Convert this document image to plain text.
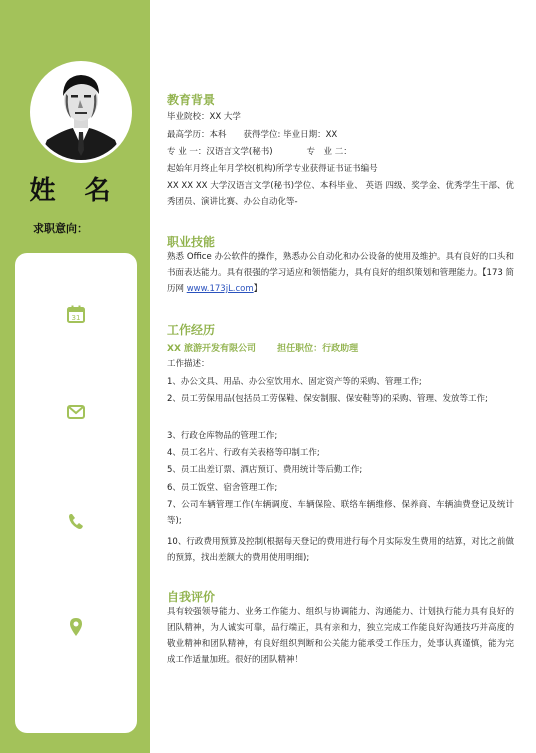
姓 名
求职意向：
31
教育背景
毕业院校：XX 大学
最高学历：本科　　获得学位: 毕业日期：XX
专 业 一：汉语言文学(秘书)　　　　专　业 二：
起始年月终止年月学校(机构)所学专业获得证书证书编号
XX XX XX 大学汉语言文学(秘书)学位、本科毕业、 英语 四级、奖学金、优秀学生干部、优秀团员、演讲比赛、办公自动化等-
职业技能
熟悉 Office 办公软件的操作，熟悉办公自动化和办公设备的使用及维护。具有良好的口头和书面表达能力。具有很强的学习适应和领悟能力，具有良好的组织策划和管理能力。【173 简历网 www.173jL.com】
工作经历
XX 旅游开发有限公司 担任职位：行政助理
工作描述：
1、办公文具、用品、办公室饮用水、固定资产等的采购、管理工作;
2、员工劳保用品(包括员工劳保鞋、保安制服、保安鞋等)的采购、管理、发放等工作;
3、行政仓库物品的管理工作;
4、员工名片、行政有关表格等印制工作;
5、员工出差订票、酒店预订、费用统计等后勤工作;
6、员工饭堂、宿舍管理工作;
7、公司车辆管理工作(车辆调度、车辆保险、联络车辆维修、保养商、车辆油费登记及统计等);
10、行政费用预算及控制(根据每天登记的费用进行每个月实际发生费用的结算，对比之前做的预算，找出差额大的费用使用明细);
自我评价
具有较强领导能力、业务工作能力、组织与协调能力、沟通能力、计划执行能力具有良好的团队精神，为人诚实可靠，品行端正，具有亲和力，独立完成工作能良好沟通技巧并高度的敬业精神和团队精神，有良好组织判断和公关能力能承受工作压力，处事认真谨慎，能为完成工作适量加班。很好的团队精神！
